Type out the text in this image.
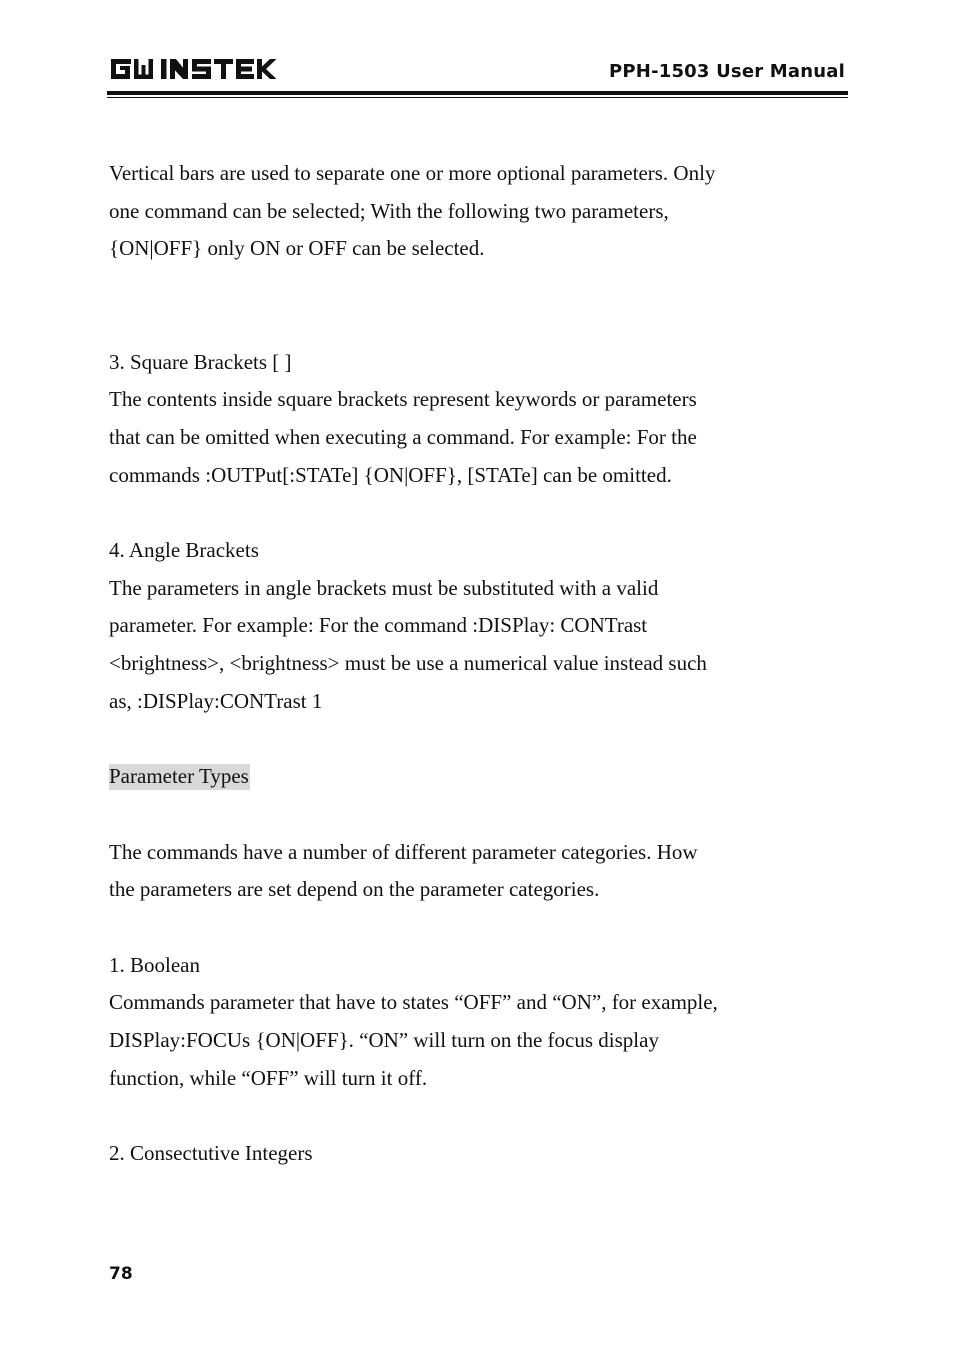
PPH-1503 User Manual

Vertical bars are used to separate one or more optional parameters. Only

one command can be selected; With the following two parameters,

{ON|OFF} only ON or OFF can be selected.

3. Square Brackets [ ]

The contents inside square brackets represent keywords or parameters

that can be omitted when executing a command. For example: For the

commands :OUTPut[:STATe] {ON|OFF}, [STATe] can be omitted.

4. Angle Brackets

The parameters in angle brackets must be substituted with a valid

parameter. For example: For the command :DISPlay: CONTrast

<brightness>, <brightness> must be use a numerical value instead such

as, :DISPlay:CONTrast 1

Parameter Types

The commands have a number of different parameter categories. How

the parameters are set depend on the parameter categories.

1. Boolean

Commands parameter that have to states “OFF” and “ON”, for example,

DISPlay:FOCUs {ON|OFF}. “ON” will turn on the focus display

function, while “OFF” will turn it off.

2. Consectutive Integers

78
